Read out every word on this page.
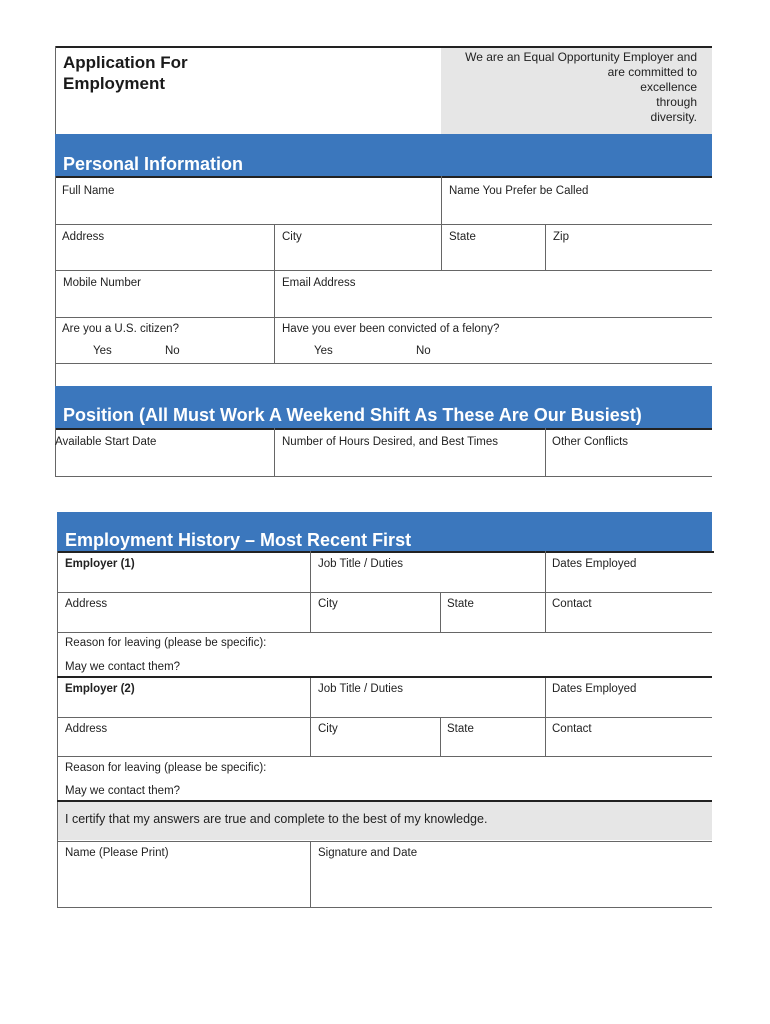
Application For
Employment
We are an Equal Opportunity Employer and
are committed to
excellence
through
diversity.
Personal Information
Full Name	Name You Prefer be Called
Address	City	State	Zip
Mobile Number	Email Address
Are you a U.S. citizen?
Yes	No
Have you ever been convicted of a felony?
Yes	No
Position (All Must Work A Weekend Shift As These Are Our Busiest)
Available Start Date	Number of Hours Desired, and Best Times	Other Conflicts
Employment History – Most Recent First
Employer (1)	Job Title / Duties	Dates Employed
Address	City	State	Contact
Reason for leaving (please be specific):
May we contact them?
Employer (2)	Job Title / Duties	Dates Employed
Address	City	State	Contact
Reason for leaving (please be specific):
May we contact them?
I certify that my answers are true and complete to the best of my knowledge.
Name (Please Print)	Signature and Date
